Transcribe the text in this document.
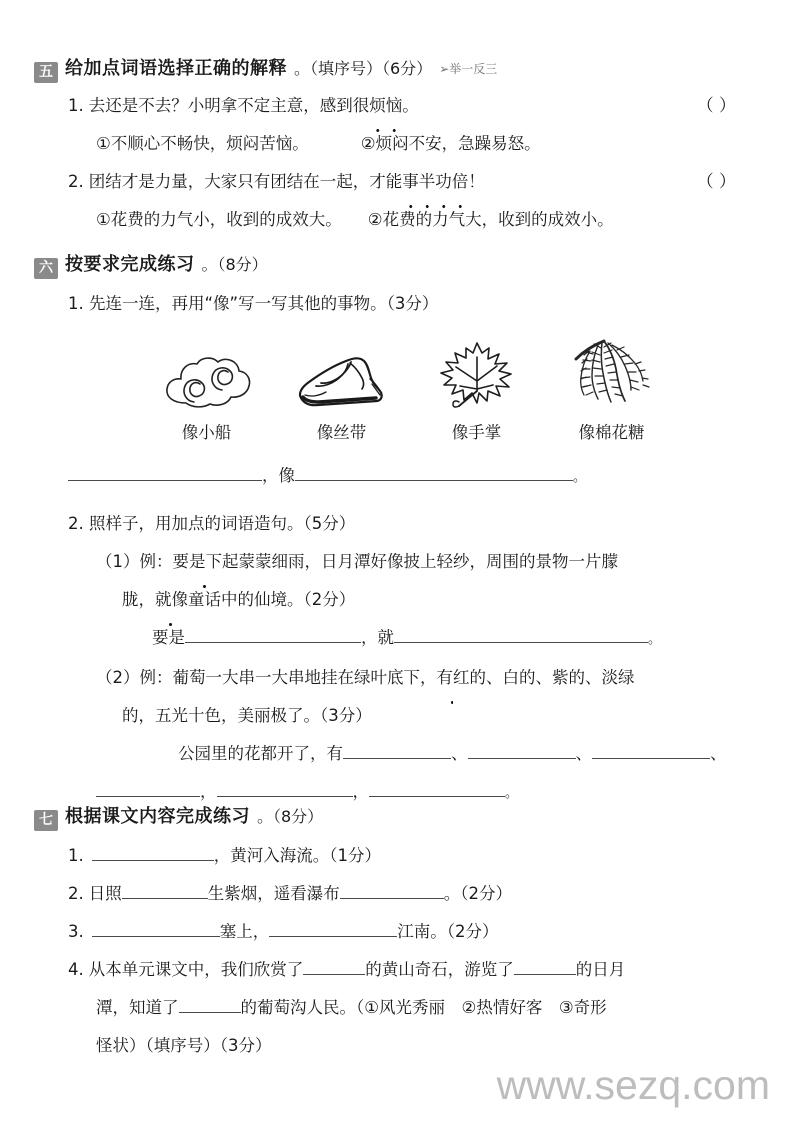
五 给加点词语选择正确的解释 。（填序号）（6分） ➢举一反三
1. 去还是不去？小明拿不定主意，感到很 烦恼 。	（ ）
①不顺心不畅快，烦闷苦恼。	②烦闷不安，急躁易怒。
2. 团结才是力量，大家只有团结在一起，才能 事半功倍 ！	（ ）
①花费的力气小，收到的成效大。 ②花费的力气大，收到的成效小。
六 按要求完成练习 。（8分）
1. 先连一连，再用“像”写一写其他的事物。（3分）
像小船	像丝带	像手掌	像棉花糖
，像	。
2. 照样子，用加点的词语造句。（5分）
（1）例：要是下起蒙蒙细雨，日月潭好像披上轻纱，周围的景物一片朦
胧，就像童话中的仙境。（2分）
要是	，就	。
（2）例：葡萄一大串一大串地挂在绿叶底下，有红的、白的、紫的、淡绿
的，五光十色，美丽极了。（3分）
公园里的花都开了，有	、	、	、
，	，	。
七 根据课文内容完成练习 。（8分）
1.	，黄河入海流。（1分）
2. 日照	生紫烟，遥看瀑布	。（2分）
3.	塞上，	江南。（2分）
4. 从本单元课文中，我们欣赏了	的黄山奇石，游览了	的日月
潭，知道了	的葡萄沟人民。（①风光秀丽　②热情好客　③奇形
怪状）（填序号）（3分）
www.sezq.com
